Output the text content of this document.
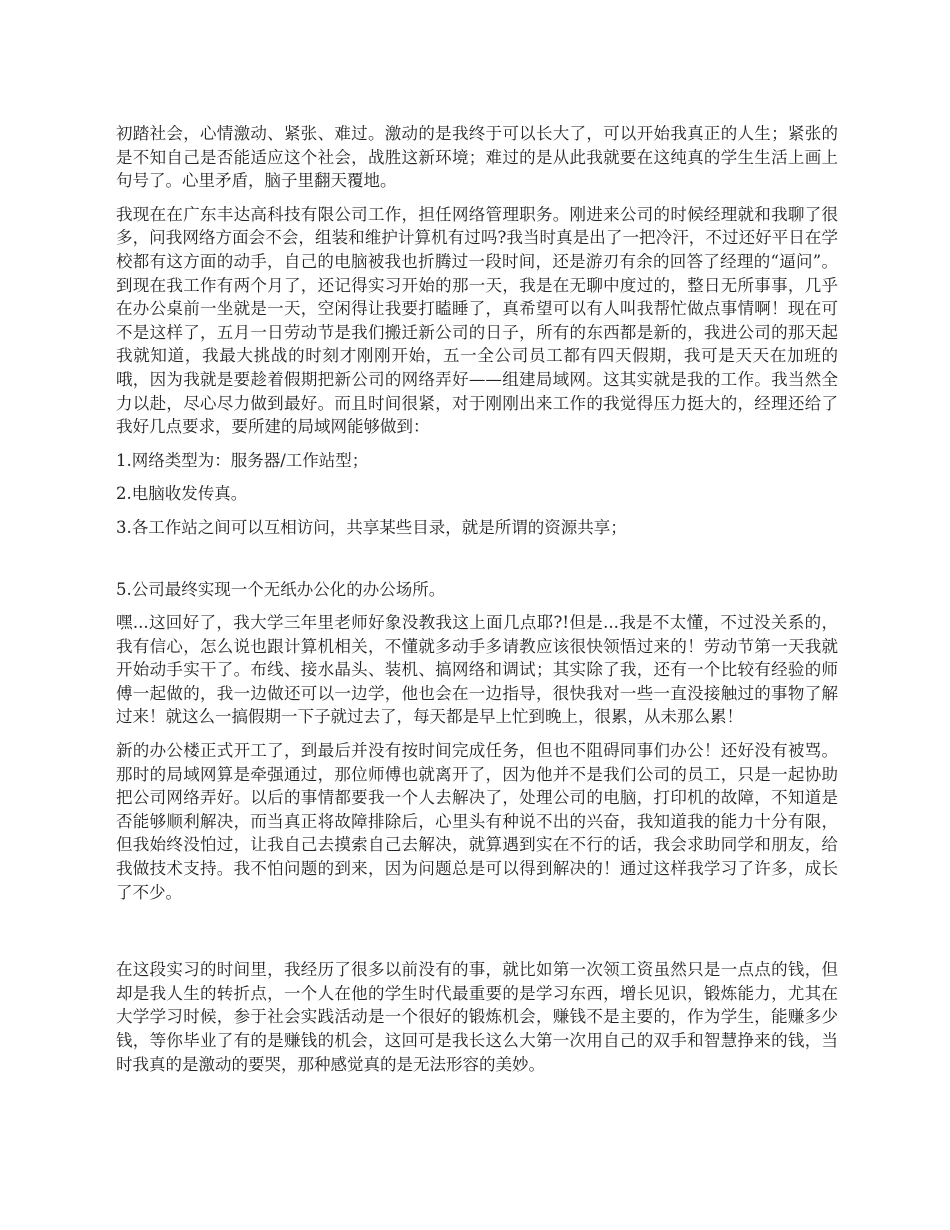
初踏社会，心情激动、紧张、难过。激动的是我终于可以长大了，可以开始我真正的人生；紧张的是不知自己是否能适应这个社会，战胜这新环境；难过的是从此我就要在这纯真的学生生活上画上句号了。心里矛盾，脑子里翻天覆地。

我现在在广东丰达高科技有限公司工作，担任网络管理职务。刚进来公司的时候经理就和我聊了很多，问我网络方面会不会，组装和维护计算机有过吗?我当时真是出了一把冷汗，不过还好平日在学校都有这方面的动手，自己的电脑被我也折腾过一段时间，还是游刃有余的回答了经理的“逼问”。到现在我工作有两个月了，还记得实习开始的那一天，我是在无聊中度过的，整日无所事事，几乎在办公桌前一坐就是一天，空闲得让我要打瞌睡了，真希望可以有人叫我帮忙做点事情啊！现在可不是这样了，五月一日劳动节是我们搬迁新公司的日子，所有的东西都是新的，我进公司的那天起我就知道，我最大挑战的时刻才刚刚开始，五一全公司员工都有四天假期，我可是天天在加班的哦，因为我就是要趁着假期把新公司的网络弄好——组建局域网。这其实就是我的工作。我当然全力以赴，尽心尽力做到最好。而且时间很紧，对于刚刚出来工作的我觉得压力挺大的，经理还给了我好几点要求，要所建的局域网能够做到：

1.网络类型为：服务器/工作站型；

2.电脑收发传真。

3.各工作站之间可以互相访问，共享某些目录，就是所谓的资源共享；

5.公司最终实现一个无纸办公化的办公场所。

嘿...这回好了，我大学三年里老师好象没教我这上面几点耶?!但是...我是不太懂，不过没关系的，我有信心，怎么说也跟计算机相关，不懂就多动手多请教应该很快领悟过来的！劳动节第一天我就开始动手实干了。布线、接水晶头、装机、搞网络和调试；其实除了我，还有一个比较有经验的师傅一起做的，我一边做还可以一边学，他也会在一边指导，很快我对一些一直没接触过的事物了解过来！就这么一搞假期一下子就过去了，每天都是早上忙到晚上，很累，从未那么累！

新的办公楼正式开工了，到最后并没有按时间完成任务，但也不阻碍同事们办公！还好没有被骂。那时的局域网算是牵强通过，那位师傅也就离开了，因为他并不是我们公司的员工，只是一起协助把公司网络弄好。以后的事情都要我一个人去解决了，处理公司的电脑，打印机的故障，不知道是否能够顺利解决，而当真正将故障排除后，心里头有种说不出的兴奋，我知道我的能力十分有限，但我始终没怕过，让我自己去摸索自己去解决，就算遇到实在不行的话，我会求助同学和朋友，给我做技术支持。我不怕问题的到来，因为问题总是可以得到解决的！通过这样我学习了许多，成长了不少。

在这段实习的时间里，我经历了很多以前没有的事，就比如第一次领工资虽然只是一点点的钱，但却是我人生的转折点，一个人在他的学生时代最重要的是学习东西，增长见识，锻炼能力，尤其在大学学习时候，参于社会实践活动是一个很好的锻炼机会，赚钱不是主要的，作为学生，能赚多少钱，等你毕业了有的是赚钱的机会，这回可是我长这么大第一次用自己的双手和智慧挣来的钱，当时我真的是激动的要哭，那种感觉真的是无法形容的美妙。
